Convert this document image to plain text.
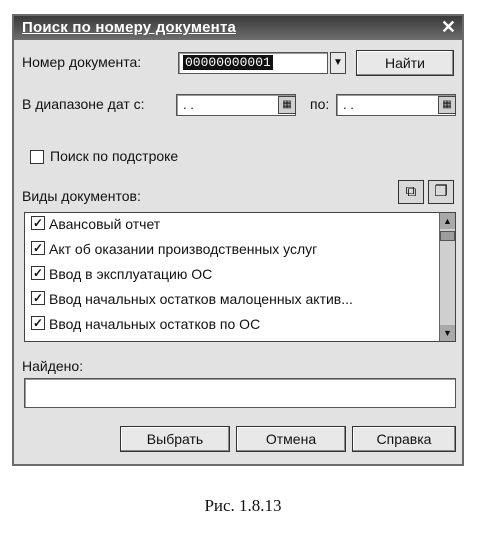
Поиск по номеру документа	✕
Номер документа:	00000000001	▼	Найти
В диапазоне дат с:	. .	▦	по: . .	▦
Поиск по подстроке
Виды документов:	⧉	❐
✓ Авансовый отчет
✓ Акт об оказании производственных услуг
✓ Ввод в эксплуатацию ОС
✓ Ввод начальных остатков малоценных актив...
✓ Ввод начальных остатков по ОС
▲
▼
Найдено:
Выбрать	Отмена	Справка
Рис. 1.8.13
